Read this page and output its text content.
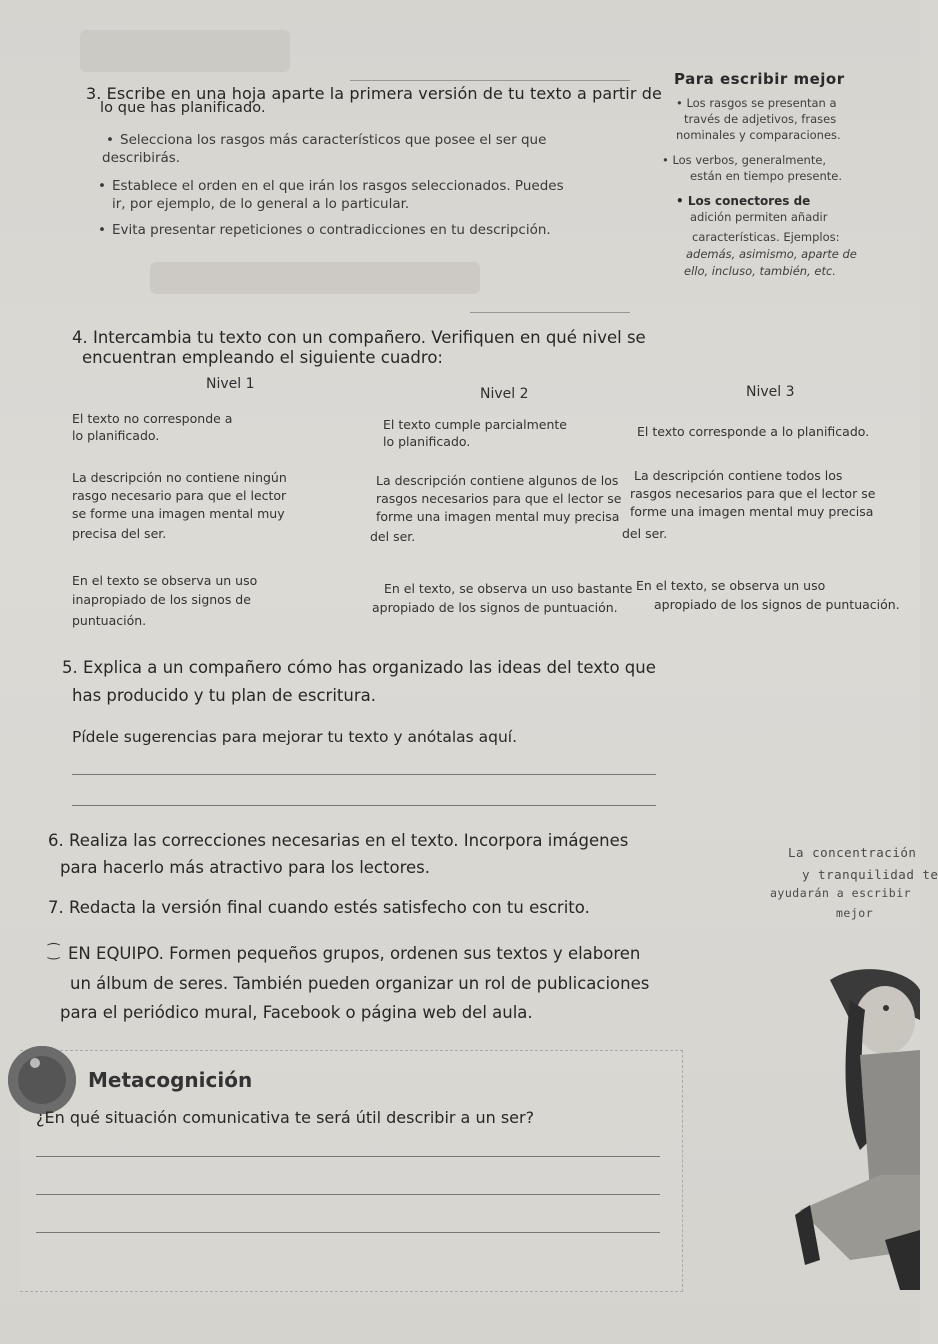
3. Escribe en una hoja aparte la primera versión de tu texto a partir de
lo que has planificado.
• Selecciona los rasgos más característicos que posee el ser que
describirás.
• Establece el orden en el que irán los rasgos seleccionados. Puedes
ir, por ejemplo, de lo general a lo particular.
• Evita presentar repeticiones o contradicciones en tu descripción.
Para escribir mejor
• Los rasgos se presentan a
través de adjetivos, frases
nominales y comparaciones.
• Los verbos, generalmente,
están en tiempo presente.
• Los conectores de
adición permiten añadir
características. Ejemplos:
además, asimismo, aparte de
ello, incluso, también, etc.
4. Intercambia tu texto con un compañero. Verifiquen en qué nivel se
encuentran empleando el siguiente cuadro:
Nivel 1
Nivel 2	Nivel 3
El texto no corresponde a
lo planificado.
El texto cumple parcialmente
lo planificado.
El texto corresponde a lo planificado.
La descripción no contiene ningún
rasgo necesario para que el lector
se forme una imagen mental muy
precisa del ser.
La descripción contiene algunos de los
rasgos necesarios para que el lector se
forme una imagen mental muy precisa
del ser.
La descripción contiene todos los
rasgos necesarios para que el lector se
forme una imagen mental muy precisa
del ser.
En el texto se observa un uso
inapropiado de los signos de
puntuación.
En el texto, se observa un uso bastante
apropiado de los signos de puntuación.
En el texto, se observa un uso
apropiado de los signos de puntuación.
5. Explica a un compañero cómo has organizado las ideas del texto que
has producido y tu plan de escritura.
Pídele sugerencias para mejorar tu texto y anótalas aquí.
6. Realiza las correcciones necesarias en el texto. Incorpora imágenes
para hacerlo más atractivo para los lectores.
7. Redacta la versión final cuando estés satisfecho con tu escrito.
La concentración
y tranquilidad te
ayudarán a escribir
mejor
⁐ EN EQUIPO. Formen pequeños grupos, ordenen sus textos y elaboren
un álbum de seres. También pueden organizar un rol de publicaciones
para el periódico mural, Facebook o página web del aula.
Metacognición
¿En qué situación comunicativa te será útil describir a un ser?
